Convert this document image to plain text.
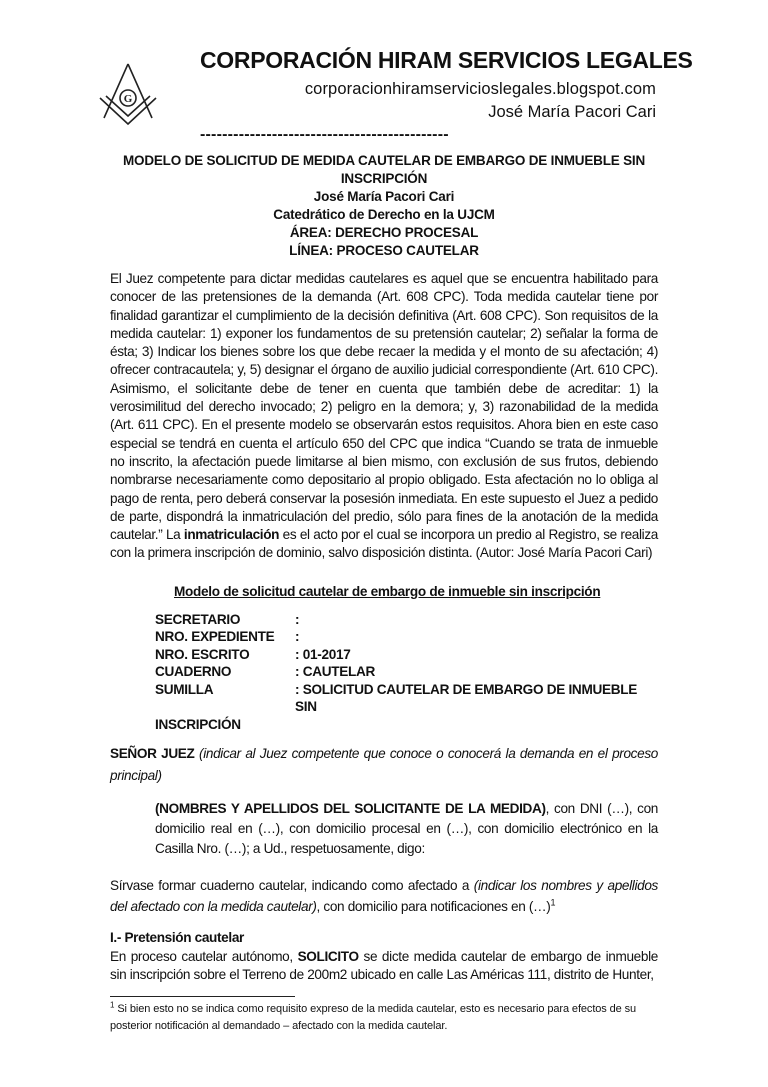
G
CORPORACIÓN HIRAM SERVICIOS LEGALES
corporacionhiramservicioslegales.blogspot.com
José María Pacori Cari
---------------------------------------------
MODELO DE SOLICITUD DE MEDIDA CAUTELAR DE EMBARGO DE INMUEBLE SIN
INSCRIPCIÓN
José María Pacori Cari
Catedrático de Derecho en la UJCM
ÁREA: DERECHO PROCESAL
LÍNEA: PROCESO CAUTELAR

El Juez competente para dictar medidas cautelares es aquel que se encuentra habilitado para conocer de las pretensiones de la demanda (Art. 608 CPC). Toda medida cautelar tiene por finalidad garantizar el cumplimiento de la decisión definitiva (Art. 608 CPC). Son requisitos de la medida cautelar: 1) exponer los fundamentos de su pretensión cautelar; 2) señalar la forma de ésta; 3) Indicar los bienes sobre los que debe recaer la medida y el monto de su afectación; 4) ofrecer contracautela; y, 5) designar el órgano de auxilio judicial correspondiente (Art. 610 CPC). Asimismo, el solicitante debe de tener en cuenta que también debe de acreditar: 1) la verosimilitud del derecho invocado; 2) peligro en la demora; y, 3) razonabilidad de la medida (Art. 611 CPC). En el presente modelo se observarán estos requisitos. Ahora bien en este caso especial se tendrá en cuenta el artículo 650 del CPC que indica “Cuando se trata de inmueble no inscrito, la afectación puede limitarse al bien mismo, con exclusión de sus frutos, debiendo nombrarse necesariamente como depositario al propio obligado. Esta afectación no lo obliga al pago de renta, pero deberá conservar la posesión inmediata. En este supuesto el Juez a pedido de parte, dispondrá la inmatriculación del predio, sólo para fines de la anotación de la medida cautelar.” La inmatriculación es el acto por el cual se incorpora un predio al Registro, se realiza con la primera inscripción de dominio, salvo disposición distinta. (Autor: José María Pacori Cari)

Modelo de solicitud cautelar de embargo de inmueble sin inscripción
SECRETARIO	:
NRO. EXPEDIENTE	:
NRO. ESCRITO	: 01-2017
CUADERNO	: CAUTELAR
SUMILLA	: SOLICITUD CAUTELAR DE EMBARGO DE INMUEBLE SIN
INSCRIPCIÓN	

SEÑOR JUEZ (indicar al Juez competente que conoce o conocerá la demanda en el proceso principal)

(NOMBRES Y APELLIDOS DEL SOLICITANTE DE LA MEDIDA), con DNI (…), con domicilio real en (…), con domicilio procesal en (…), con domicilio electrónico en la Casilla Nro. (…); a Ud., respetuosamente, digo:

Sírvase formar cuaderno cautelar, indicando como afectado a (indicar los nombres y apellidos del afectado con la medida cautelar), con domicilio para notificaciones en (…)$^1$

I.- Pretensión cautelar

En proceso cautelar autónomo, SOLICITO se dicte medida cautelar de embargo de inmueble sin inscripción sobre el Terreno de 200m2 ubicado en calle Las Américas 111, distrito de Hunter,

$^1$ Si bien esto no se indica como requisito expreso de la medida cautelar, esto es necesario para efectos de su posterior notificación al demandado – afectado con la medida cautelar.
